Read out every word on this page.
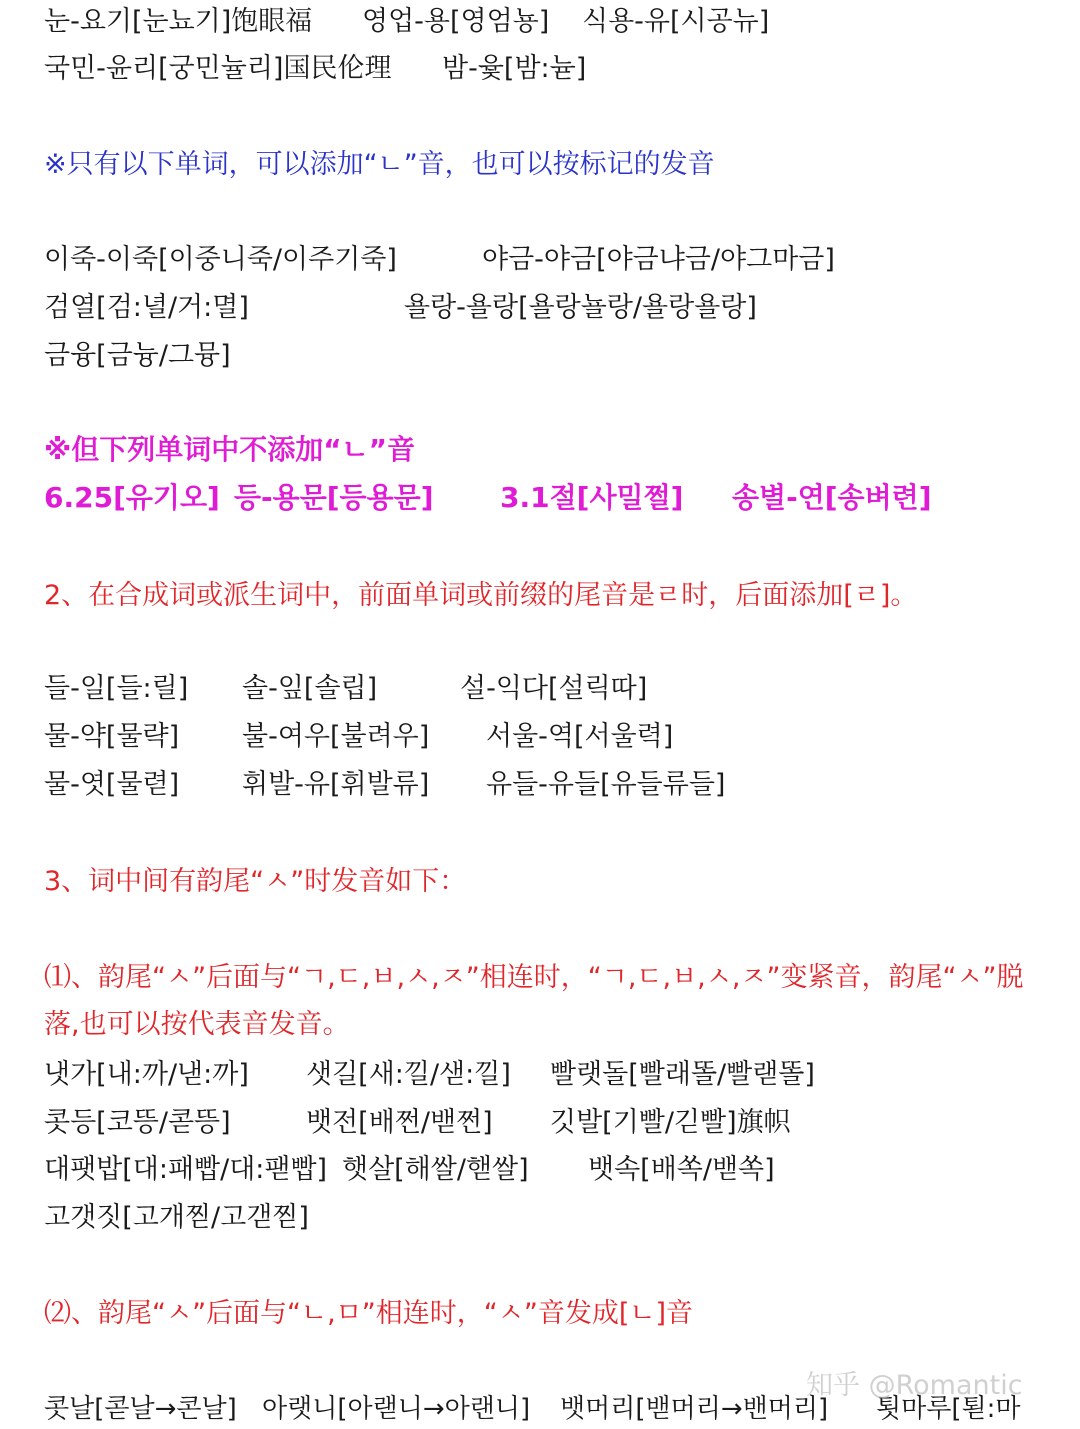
눈-요기[눈뇨기]饱眼福 영업-용[영엄뇽] 식용-유[시공뉴]
국민-윤리[궁민뉼리]国民伦理 밤-윷[밤:뉻]
※只有以下单词，可以添加“ㄴ”音，也可以按标记的发音
이죽-이죽[이중니죽/이주기죽]	야금-야금[야금냐금/야그마금]
검열[검:녈/거:멸]	욜랑-욜랑[욜랑뇰랑/욜랑욜랑]
금융[금늉/그뮹]
※但下列单词中不添加“ㄴ”音
6.25[유기오] 등-용문[등용문] 3.1절[사밀쩔] 송별-연[송벼련]
2、在合成词或派生词中，前面单词或前缀的尾音是ㄹ时，后面添加[ㄹ]。
들-일[들:릴] 솔-잎[솔립]	설-익다[설릭따]
물-약[물략] 불-여우[불려우] 서울-역[서울력]
물-엿[물렫] 휘발-유[휘발류] 유들-유들[유들류들]
3、词中间有韵尾“ㅅ”时发音如下：
⑴、韵尾“ㅅ”后面与“ㄱ,ㄷ,ㅂ,ㅅ,ㅈ”相连时，“ㄱ,ㄷ,ㅂ,ㅅ,ㅈ”变紧音，韵尾“ㅅ”脱
落,也可以按代表音发音。
냇가[내:까/낻:까] 샛길[새:낄/샏:낄] 빨랫돌[빨래똘/빨랟똘]
콧등[코뜽/콛뜽]	뱃전[배쩐/밷쩐] 깃발[기빨/긷빨]旗帜
대팻밥[대:패빱/대:팯빱] 햇살[해쌀/핻쌀] 뱃속[배쏙/밷쏙]
고갯짓[고개찓/고갣찓]
⑵、韵尾“ㅅ”后面与“ㄴ,ㅁ”相连时，“ㅅ”音发成[ㄴ]音
콧날[콛날→콘날] 아랫니[아랟니→아랜니] 뱃머리[밷머리→밴머리] 툇마루[퇻:마
知乎 @Romantic
